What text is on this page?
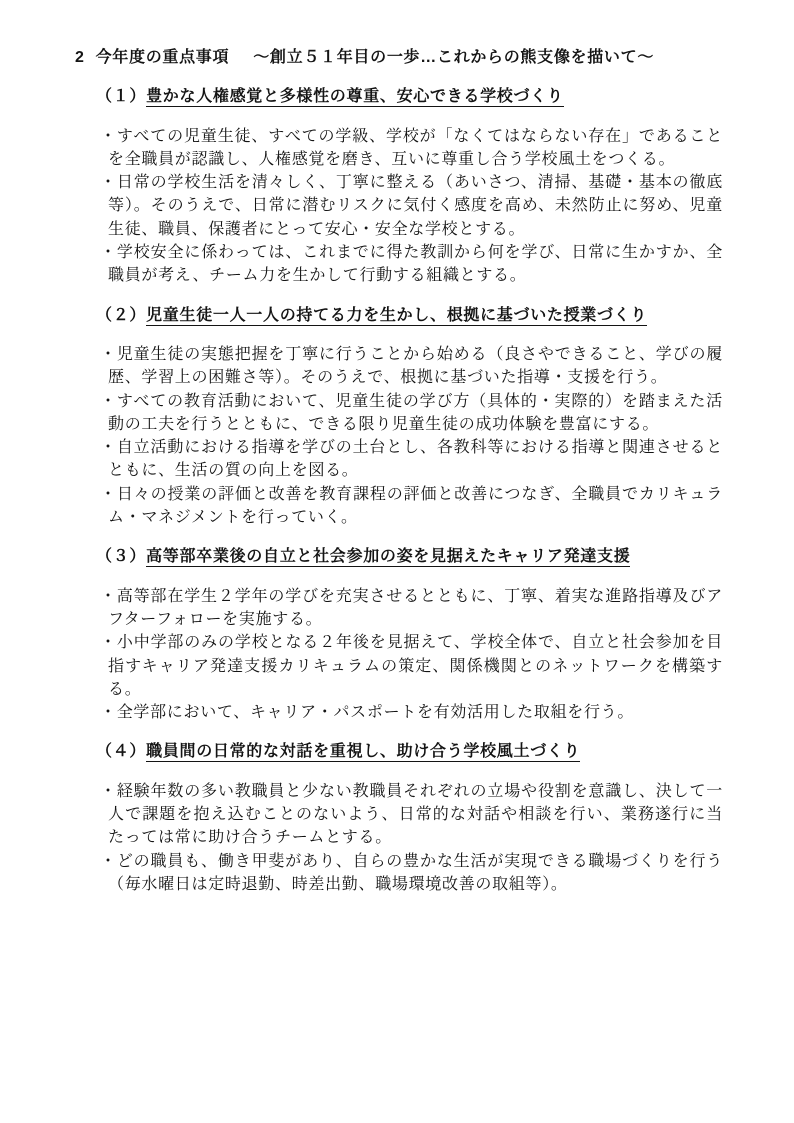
2 今年度の重点事項 ～創立５１年目の一歩…これからの熊支像を描いて～

（１）豊かな人権感覚と多様性の尊重、安心できる学校づくり

・すべての児童生徒、すべての学級、学校が「なくてはならない存在」であることを全職員が認識し、人権感覚を磨き、互いに尊重し合う学校風土をつくる。

・日常の学校生活を清々しく、丁寧に整える（あいさつ、清掃、基礎・基本の徹底等）。そのうえで、日常に潜むリスクに気付く感度を高め、未然防止に努め、児童生徒、職員、保護者にとって安心・安全な学校とする。

・学校安全に係わっては、これまでに得た教訓から何を学び、日常に生かすか、全職員が考え、チーム力を生かして行動する組織とする。

（２）児童生徒一人一人の持てる力を生かし、根拠に基づいた授業づくり

・児童生徒の実態把握を丁寧に行うことから始める（良さやできること、学びの履歴、学習上の困難さ等）。そのうえで、根拠に基づいた指導・支援を行う。

・すべての教育活動において、児童生徒の学び方（具体的・実際的）を踏まえた活動の工夫を行うとともに、できる限り児童生徒の成功体験を豊富にする。

・自立活動における指導を学びの土台とし、各教科等における指導と関連させるとともに、生活の質の向上を図る。

・日々の授業の評価と改善を教育課程の評価と改善につなぎ、全職員でカリキュラム・マネジメントを行っていく。

（３）高等部卒業後の自立と社会参加の姿を見据えたキャリア発達支援

・高等部在学生２学年の学びを充実させるとともに、丁寧、着実な進路指導及びアフターフォローを実施する。

・小中学部のみの学校となる２年後を見据えて、学校全体で、自立と社会参加を目指すキャリア発達支援カリキュラムの策定、関係機関とのネットワークを構築する。

・全学部において、キャリア・パスポートを有効活用した取組を行う。

（４）職員間の日常的な対話を重視し、助け合う学校風土づくり

・経験年数の多い教職員と少ない教職員それぞれの立場や役割を意識し、決して一人で課題を抱え込むことのないよう、日常的な対話や相談を行い、業務遂行に当たっては常に助け合うチームとする。

・どの職員も、働き甲斐があり、自らの豊かな生活が実現できる職場づくりを行う（毎水曜日は定時退勤、時差出勤、職場環境改善の取組等）。
